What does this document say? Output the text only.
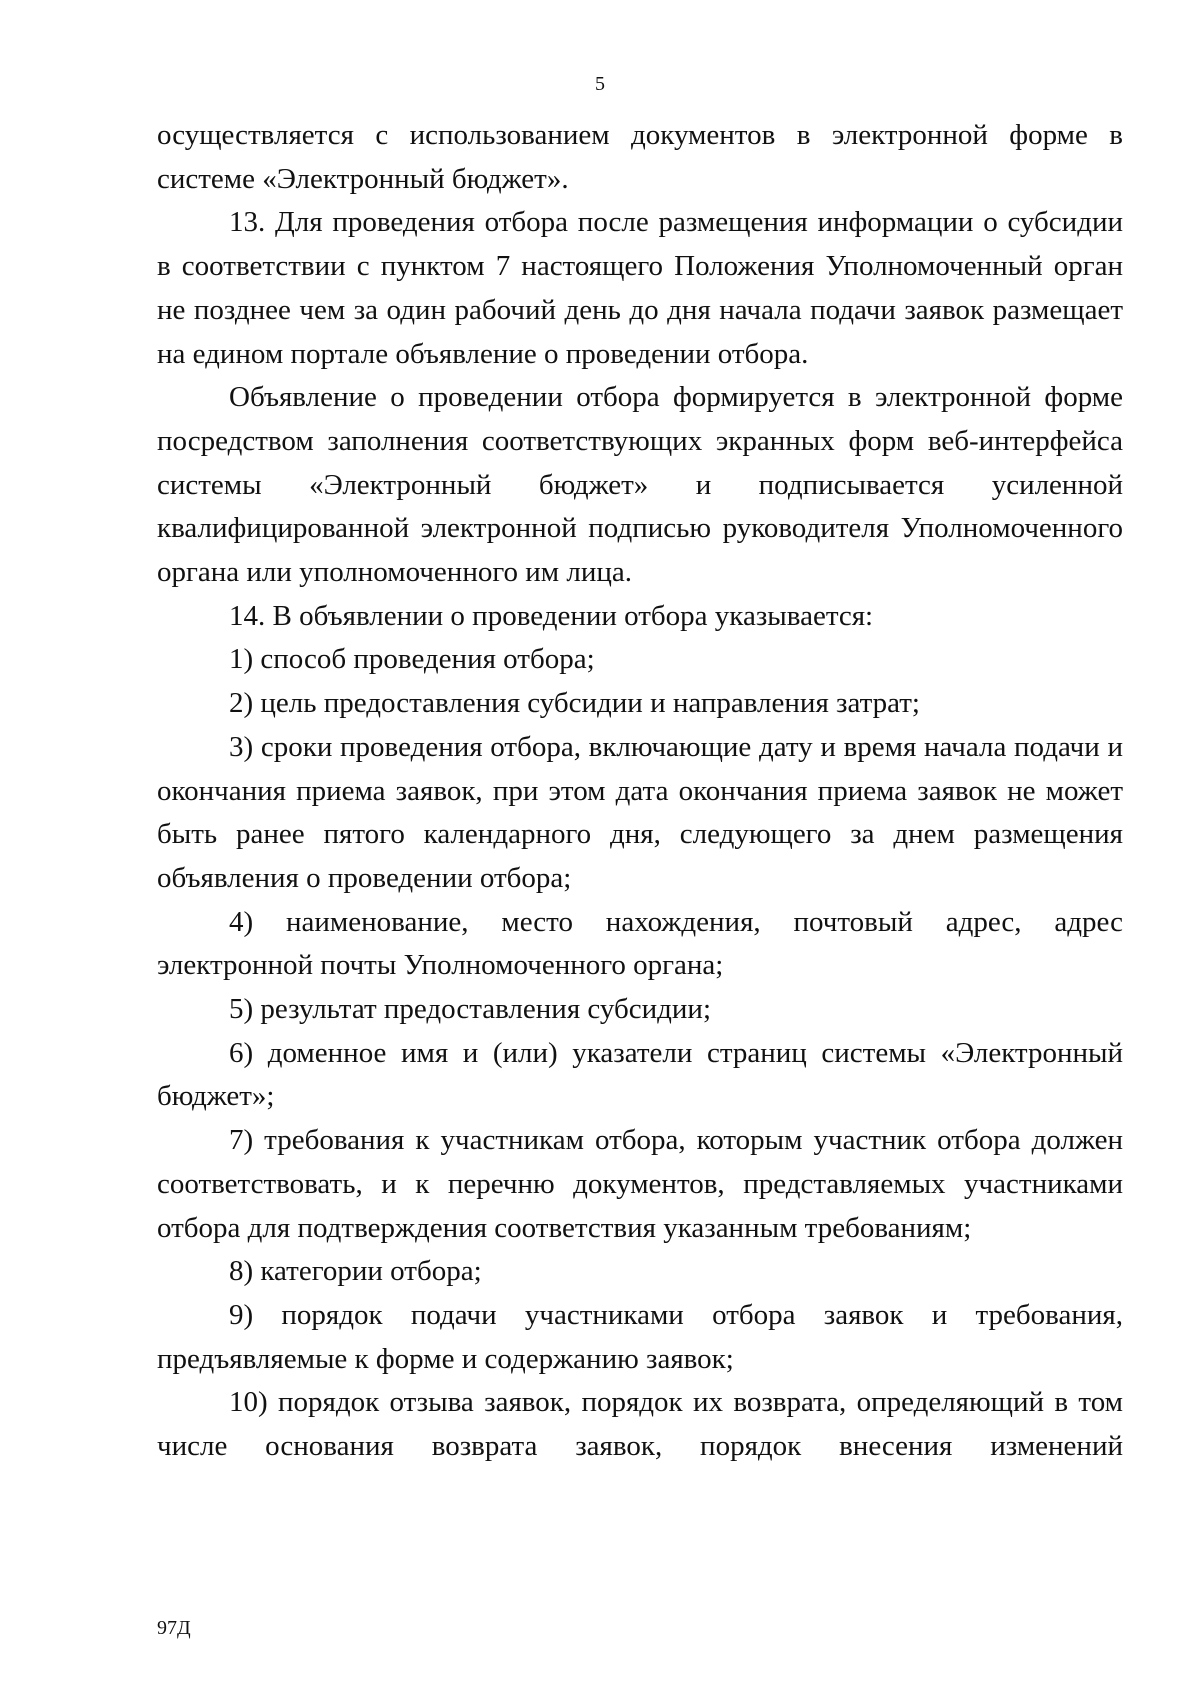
5

осуществляется с использованием документов в электронной форме в системе «Электронный бюджет».

13. Для проведения отбора после размещения информации о субсидии в соответствии с пунктом 7 настоящего Положения Уполномоченный орган не позднее чем за один рабочий день до дня начала подачи заявок размещает на едином портале объявление о проведении отбора.

Объявление о проведении отбора формируется в электронной форме посредством заполнения соответствующих экранных форм веб-интерфейса системы «Электронный бюджет» и подписывается усиленной квалифицированной электронной подписью руководителя Уполномоченного органа или уполномоченного им лица.

14. В объявлении о проведении отбора указывается:

1) способ проведения отбора;

2) цель предоставления субсидии и направления затрат;

3) сроки проведения отбора, включающие дату и время начала подачи и окончания приема заявок, при этом дата окончания приема заявок не может быть ранее пятого календарного дня, следующего за днем размещения объявления о проведении отбора;

4) наименование, место нахождения, почтовый адрес, адрес электронной почты Уполномоченного органа;

5) результат предоставления субсидии;

6) доменное имя и (или) указатели страниц системы «Электронный бюджет»;

7) требования к участникам отбора, которым участник отбора должен соответствовать, и к перечню документов, представляемых участниками отбора для подтверждения соответствия указанным требованиям;

8) категории отбора;

9) порядок подачи участниками отбора заявок и требования, предъявляемые к форме и содержанию заявок;

10) порядок отзыва заявок, порядок их возврата, определяющий в том числе основания возврата заявок, порядок внесения изменений

97Д
